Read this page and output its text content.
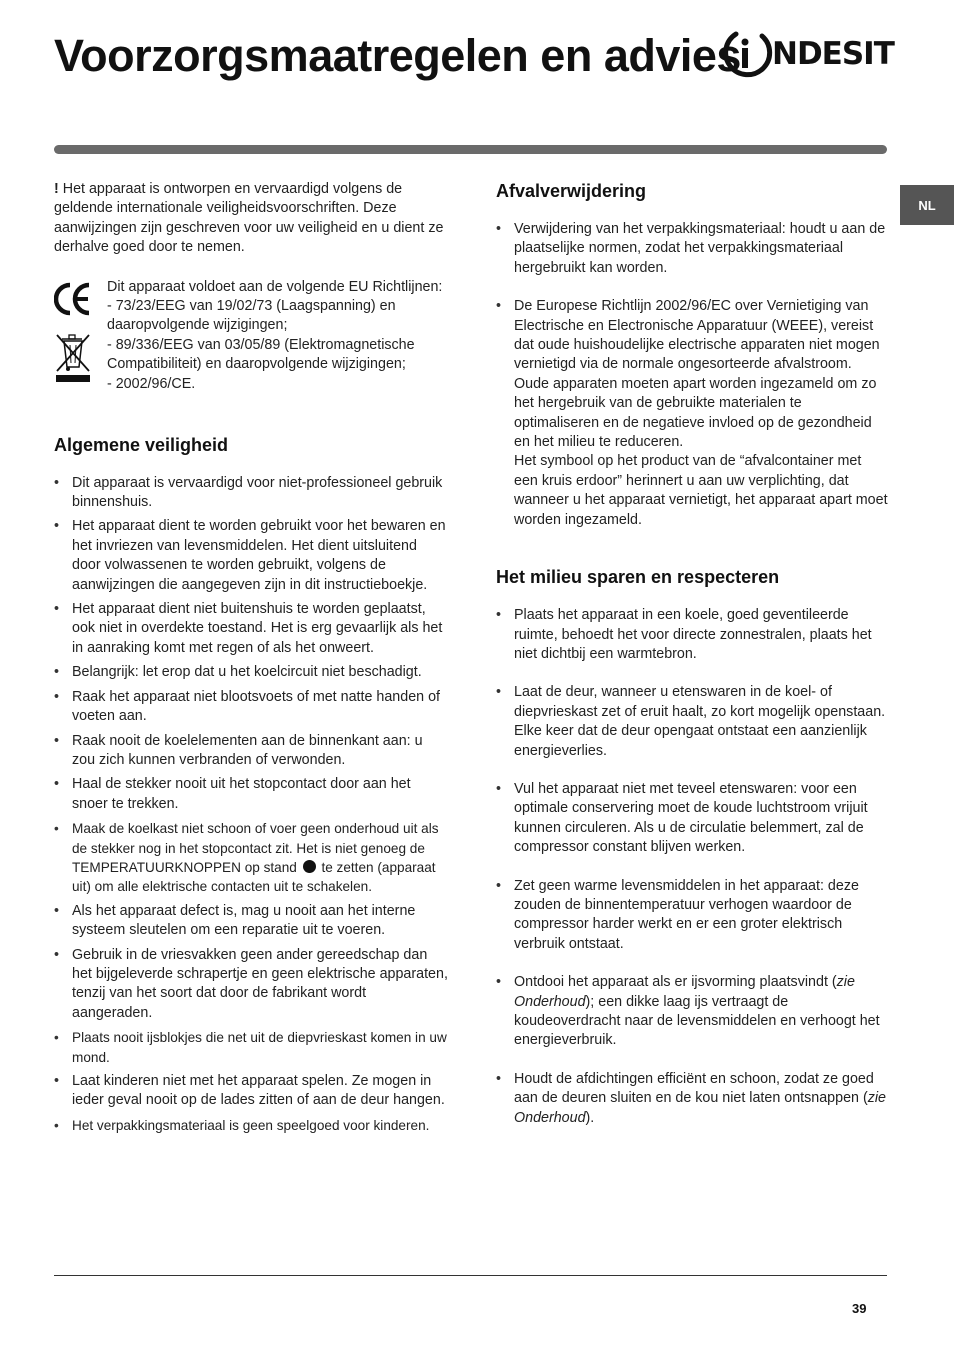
Voorzorgsmaatregelen en advies NDESIT
NL

! Het apparaat is ontworpen en vervaardigd volgens de geldende internationale veiligheidsvoorschriften. Deze aanwijzingen zijn geschreven voor uw veiligheid en u dient ze derhalve goed door te nemen.

Dit apparaat voldoet aan de volgende EU Richtlijnen:
- 73/23/EEG van 19/02/73 (Laagspanning) en daaropvolgende wijzigingen;
- 89/336/EEG van 03/05/89 (Elektromagnetische Compatibiliteit) en daaropvolgende wijzigingen;
- 2002/96/CE.
Algemene veiligheid
• Dit apparaat is vervaardigd voor niet-professioneel gebruik binnenshuis.
• Het apparaat dient te worden gebruikt voor het bewaren en het invriezen van levensmiddelen. Het dient uitsluitend door volwassenen te worden gebruikt, volgens de aanwijzingen die aangegeven zijn in dit instructieboekje.
• Het apparaat dient niet buitenshuis te worden geplaatst, ook niet in overdekte toestand. Het is erg gevaarlijk als het in aanraking komt met regen of als het onweert.
• Belangrijk: let erop dat u het koelcircuit niet beschadigt.
• Raak het apparaat niet blootsvoets of met natte handen of voeten aan.
• Raak nooit de koelelementen aan de binnenkant aan: u zou zich kunnen verbranden of verwonden.
• Haal de stekker nooit uit het stopcontact door aan het snoer te trekken.
• Maak de koelkast niet schoon of voer geen onderhoud uit als de stekker nog in het stopcontact zit. Het is niet genoeg de TEMPERATUURKNOPPEN op stand te zetten (apparaat uit) om alle elektrische contacten uit te schakelen.
• Als het apparaat defect is, mag u nooit aan het interne systeem sleutelen om een reparatie uit te voeren.
• Gebruik in de vriesvakken geen ander gereedschap dan het bijgeleverde schrapertje en geen elektrische apparaten, tenzij van het soort dat door de fabrikant wordt aangeraden.
• Plaats nooit ijsblokjes die net uit de diepvrieskast komen in uw mond.
• Laat kinderen niet met het apparaat spelen. Ze mogen in ieder geval nooit op de lades zitten of aan de deur hangen.
• Het verpakkingsmateriaal is geen speelgoed voor kinderen.
Afvalverwijdering
• Verwijdering van het verpakkingsmateriaal: houdt u aan de plaatselijke normen, zodat het verpakkingsmateriaal hergebruikt kan worden.
• De Europese Richtlijn 2002/96/EC over Vernietiging van Electrische en Electronische Apparatuur (WEEE), vereist dat oude huishoudelijke electrische apparaten niet mogen vernietigd via de normale ongesorteerde afvalstroom. Oude apparaten moeten apart worden ingezameld om zo het hergebruik van de gebruikte materialen te optimaliseren en de negatieve invloed op de gezondheid en het milieu te reduceren.
Het symbool op het product van de “afvalcontainer met een kruis erdoor” herinnert u aan uw verplichting, dat wanneer u het apparaat vernietigt, het apparaat apart moet worden ingezameld.
Het milieu sparen en respecteren
• Plaats het apparaat in een koele, goed geventileerde ruimte, behoedt het voor directe zonnestralen, plaats het niet dichtbij een warmtebron.
• Laat de deur, wanneer u etenswaren in de koel- of diepvrieskast zet of eruit haalt, zo kort mogelijk openstaan.
Elke keer dat de deur opengaat ontstaat een aanzienlijk energieverlies.
• Vul het apparaat niet met teveel etenswaren: voor een optimale conservering moet de koude luchtstroom vrijuit kunnen circuleren. Als u de circulatie belemmert, zal de compressor constant blijven werken.
• Zet geen warme levensmiddelen in het apparaat: deze zouden de binnentemperatuur verhogen waardoor de compressor harder werkt en er een groter elektrisch verbruik ontstaat.
• Ontdooi het apparaat als er ijsvorming plaatsvindt (zie Onderhoud); een dikke laag ijs vertraagt de koudeoverdracht naar de levensmiddelen en verhoogt het energieverbruik.
• Houdt de afdichtingen efficiënt en schoon, zodat ze goed aan de deuren sluiten en de kou niet laten ontsnappen (zie Onderhoud).
39
